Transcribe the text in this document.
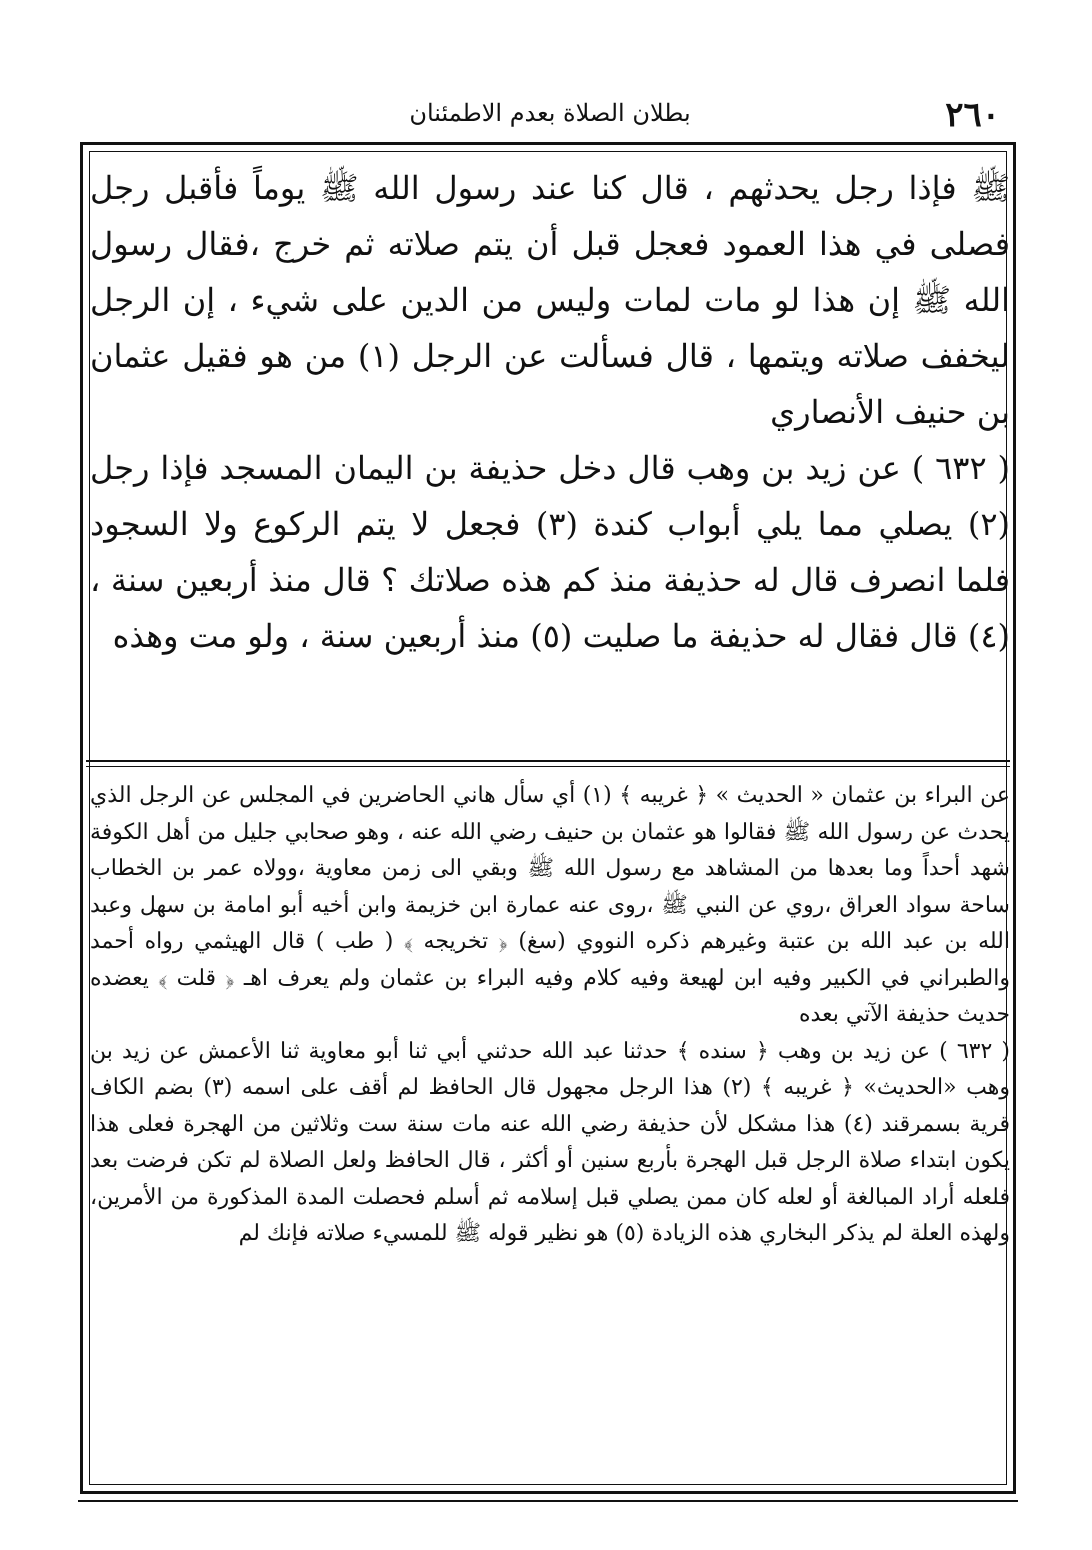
٢٦٠
بطلان الصلاة بعدم الاطمئنان

ﷺ فإذا رجل يحدثهم ، قال كنا عند رسول الله ﷺ يوماً فأقبل رجل فصلى في هذا العمود فعجل قبل أن يتم صلاته ثم خرج ،فقال رسول الله ﷺ إن هذا لو مات لمات وليس من الدين على شيء ، إن الرجل ليخفف صلاته ويتمها ، قال فسألت عن الرجل (١) من هو فقيل عثمان بن حنيف الأنصاري

( ٦٣٢ ) عن زيد بن وهب قال دخل حذيفة بن اليمان المسجد فإذا رجل (٢) يصلي مما يلي أبواب كندة (٣) فجعل لا يتم الركوع ولا السجود فلما انصرف قال له حذيفة منذ كم هذه صلاتك ؟ قال منذ أربعين سنة ، (٤) قال فقال له حذيفة ما صليت (٥) منذ أربعين سنة ، ولو مت وهذه

عن البراء بن عثمان « الحديث » ﴿ غريبه ﴾ (١) أي سأل هاني الحاضرين في المجلس عن الرجل الذي يحدث عن رسول الله ﷺ فقالوا هو عثمان بن حنيف رضي الله عنه ، وهو صحابي جليل من أهل الكوفة شهد أحداً وما بعدها من المشاهد مع رسول الله ﷺ وبقي الى زمن معاوية ،وولاه عمر بن الخطاب ساحة سواد العراق ،روي عن النبي ﷺ ،روى عنه عمارة ابن خزيمة وابن أخيه أبو امامة بن سهل وعبد الله بن عبد الله بن عتبة وغيرهم ذكره النووي (سغ) ﴿ تخريجه ﴾ ( طب ) قال الهيثمي رواه أحمد والطبراني في الكبير وفيه ابن لهيعة وفيه كلام وفيه البراء بن عثمان ولم يعرف اهـ ﴿ قلت ﴾ يعضده حديث حذيفة الآتي بعده

( ٦٣٢ ) عن زيد بن وهب ﴿ سنده ﴾ حدثنا عبد الله حدثني أبي ثنا أبو معاوية ثنا الأعمش عن زيد بن وهب «الحديث» ﴿ غريبه ﴾ (٢) هذا الرجل مجهول قال الحافظ لم أقف على اسمه (٣) بضم الكاف قرية بسمرقند (٤) هذا مشكل لأن حذيفة رضي الله عنه مات سنة ست وثلاثين من الهجرة فعلى هذا يكون ابتداء صلاة الرجل قبل الهجرة بأربع سنين أو أكثر ، قال الحافظ ولعل الصلاة لم تكن فرضت بعد فلعله أراد المبالغة أو لعله كان ممن يصلي قبل إسلامه ثم أسلم فحصلت المدة المذكورة من الأمرين، ولهذه العلة لم يذكر البخاري هذه الزيادة (٥) هو نظير قوله ﷺ للمسيء صلاته فإنك لم
